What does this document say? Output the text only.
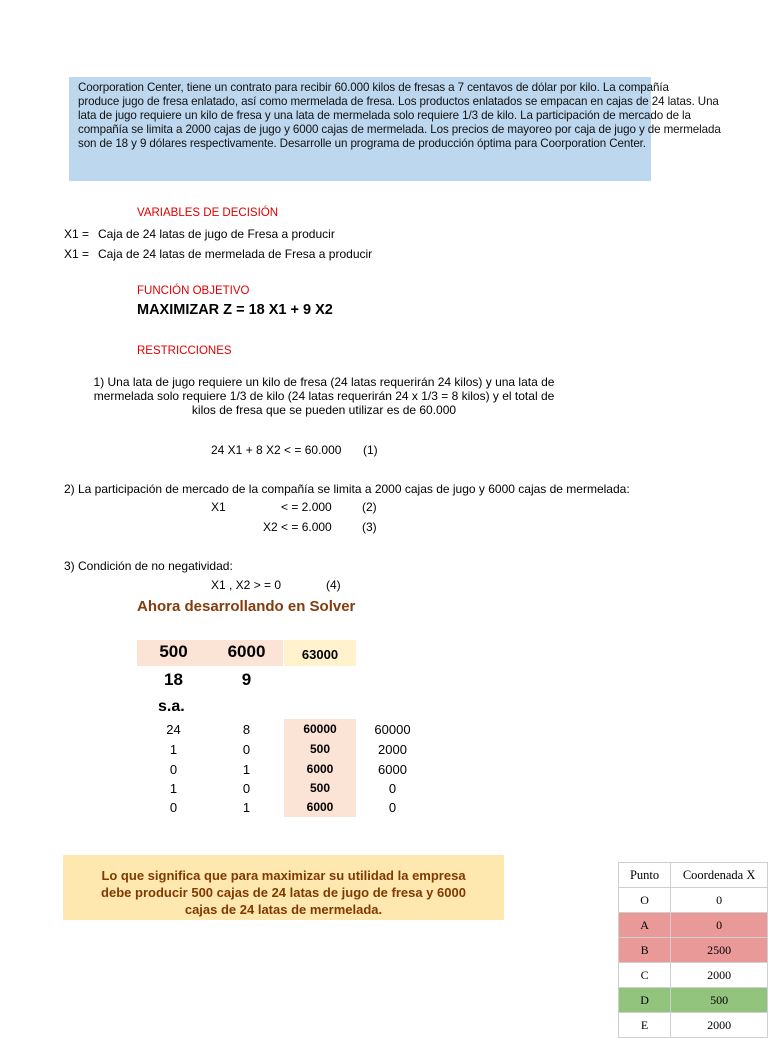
Coorporation Center, tiene un contrato para recibir 60.000 kilos de fresas a 7 centavos de dólar por kilo. La compañía
produce jugo de fresa enlatado, así como mermelada de fresa. Los productos enlatados se empacan en cajas de 24 latas. Una
lata de jugo requiere un kilo de fresa y una lata de mermelada solo requiere 1/3 de kilo. La participación de mercado de la
compañía se limita a 2000 cajas de jugo y 6000 cajas de mermelada. Los precios de mayoreo por caja de jugo y de mermelada
son de 18 y 9 dólares respectivamente. Desarrolle un programa de producción óptima para Coorporation Center.
VARIABLES DE DECISIÓN
X1 = Caja de 24 latas de jugo de Fresa a producir
X1 = Caja de 24 latas de mermelada de Fresa a producir
FUNCIÓN OBJETIVO
MAXIMIZAR Z = 18 X1 + 9 X2
RESTRICCIONES
1) Una lata de jugo requiere un kilo de fresa (24 latas requerirán 24 kilos) y una lata de
mermelada solo requiere 1/3 de kilo (24 latas requerirán 24 x 1/3 = 8 kilos) y el total de
kilos de fresa que se pueden utilizar es de 60.000
24 X1 + 8 X2 < = 60.000 (1)
2) La participación de mercado de la compañía se limita a 2000 cajas de jugo y 6000 cajas de mermelada:
X1	< = 2.000	(2)
X2 < = 6.000	(3)
3) Condición de no negatividad:
X1 , X2 > = 0	(4)
Ahora desarrollando en Solver
500	6000	63000
18	9
s.a.
24	8	60000	60000
1	0	500	2000
0	1	6000	6000
1	0	500	0
0	1	6000	0
Lo que significa que para maximizar su utilidad la empresa
debe producir 500 cajas de 24 latas de jugo de fresa y 6000
cajas de 24 latas de mermelada.
Punto	Coordenada X
O	0
A	0
B	2500
C	2000
D	500
E	2000
